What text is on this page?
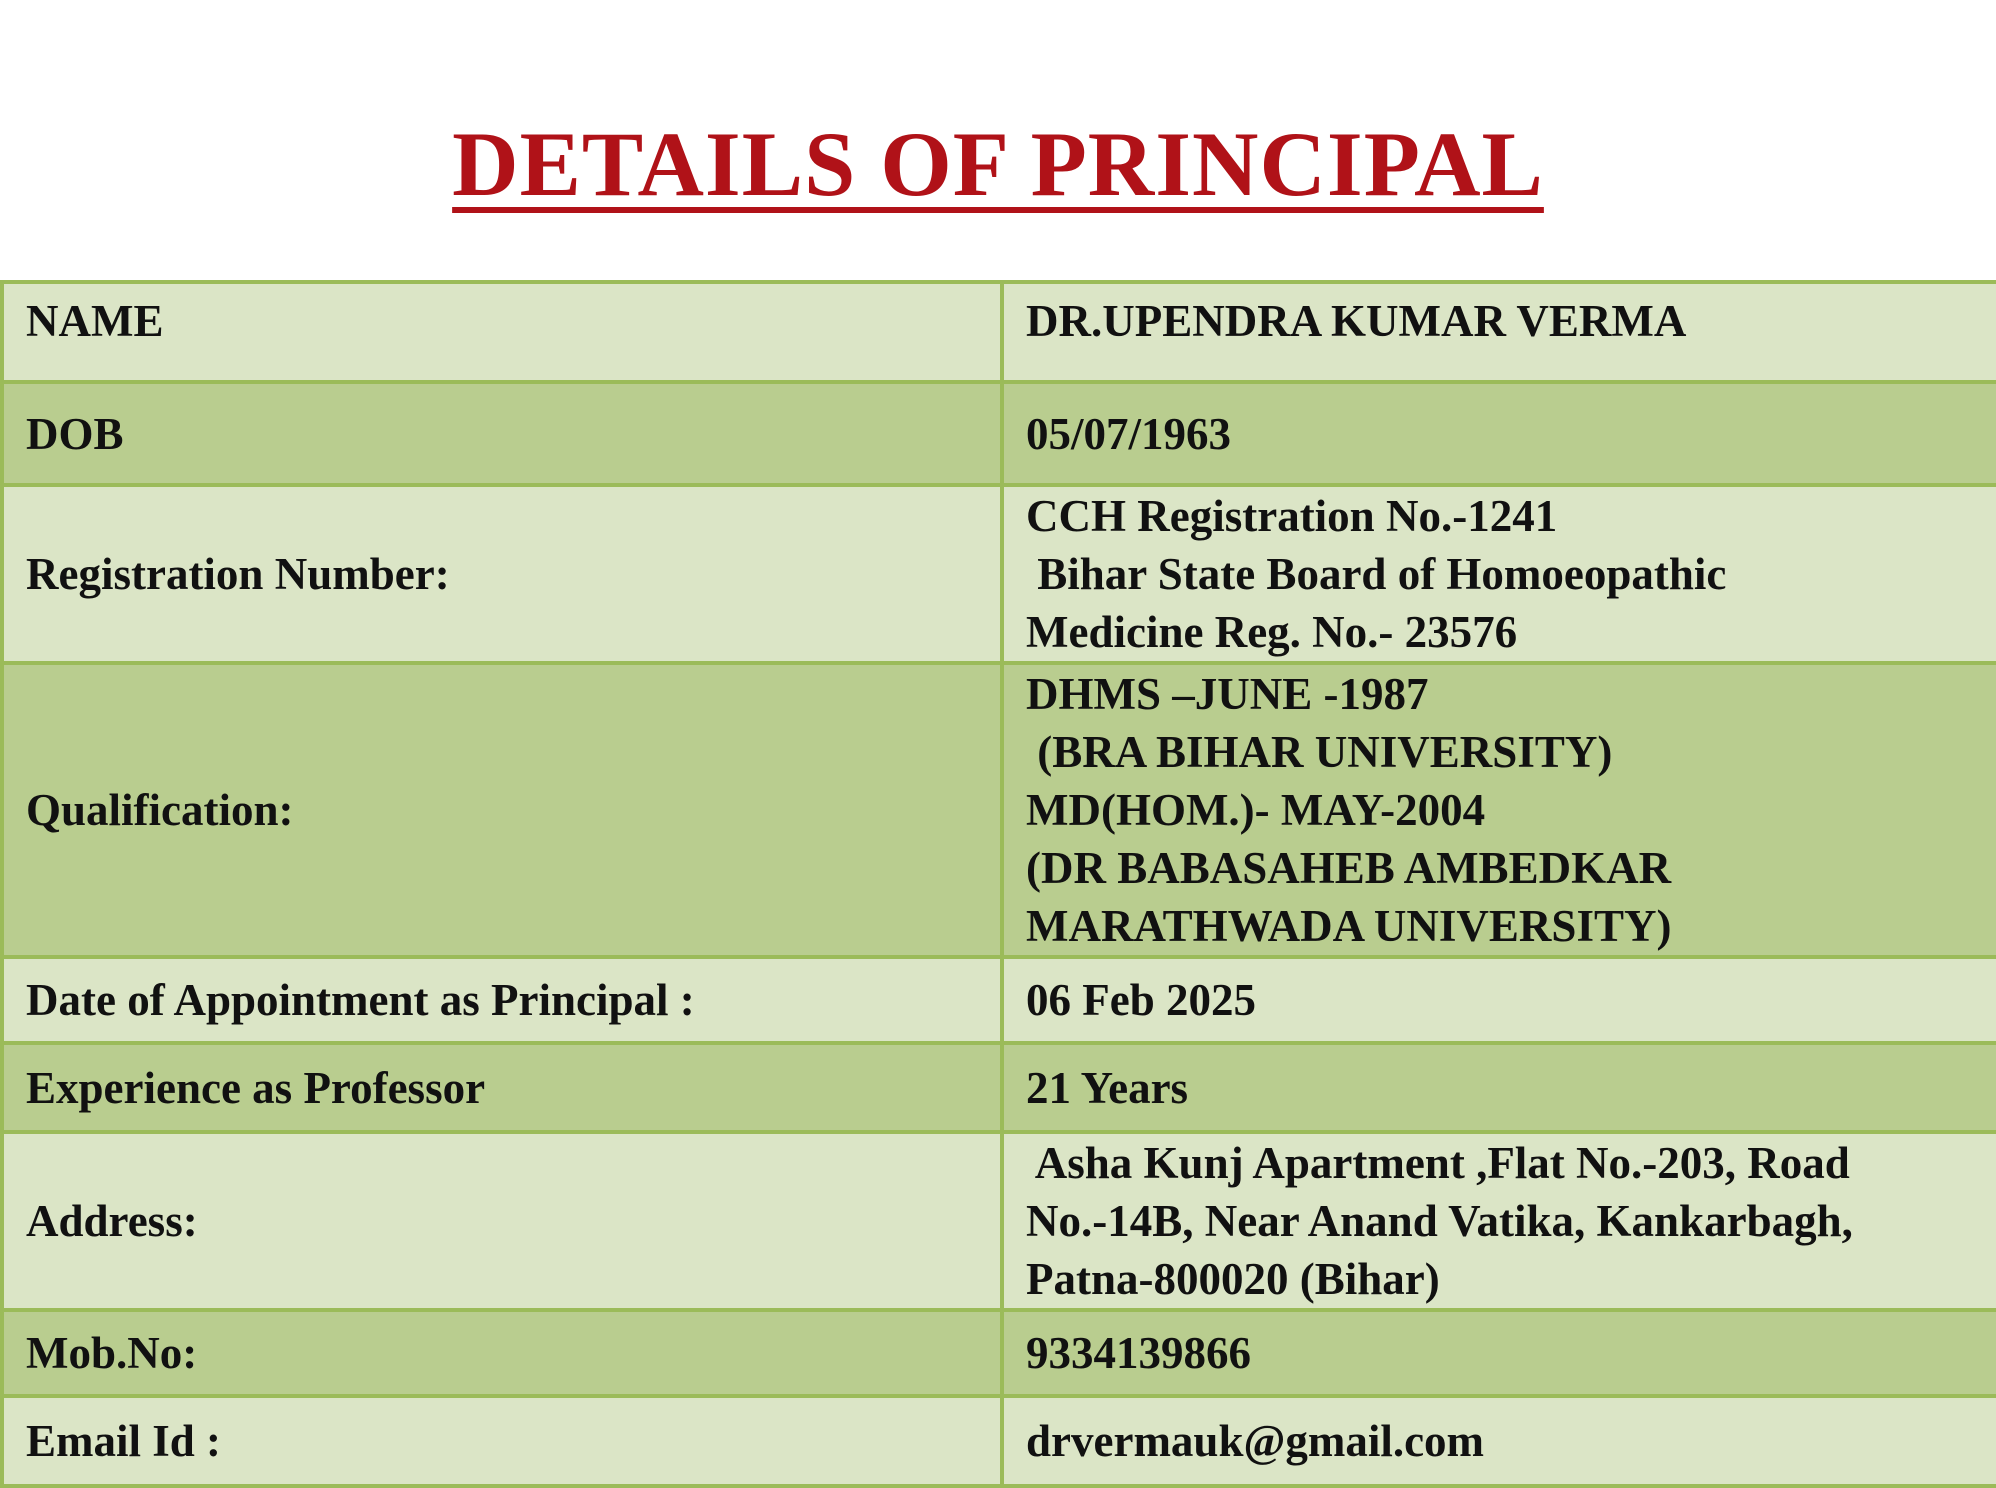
DETAILS OF PRINCIPAL
NAME	DR.UPENDRA KUMAR VERMA

DOB	05/07/1963

Registration Number:	CCH Registration No.-1241
Bihar State Board of Homoeopathic
Medicine Reg. No.- 23576

Qualification:	DHMS –JUNE -1987
(BRA BIHAR UNIVERSITY)
MD(HOM.)- MAY-2004
(DR BABASAHEB AMBEDKAR
MARATHWADA UNIVERSITY)

Date of Appointment as Principal :	06 Feb 2025

Experience as Professor	21 Years

Address:	Asha Kunj Apartment ,Flat No.-203, Road
No.-14B, Near Anand Vatika, Kankarbagh,
Patna-800020 (Bihar)

Mob.No:	9334139866

Email Id :	drvermauk@gmail.com
